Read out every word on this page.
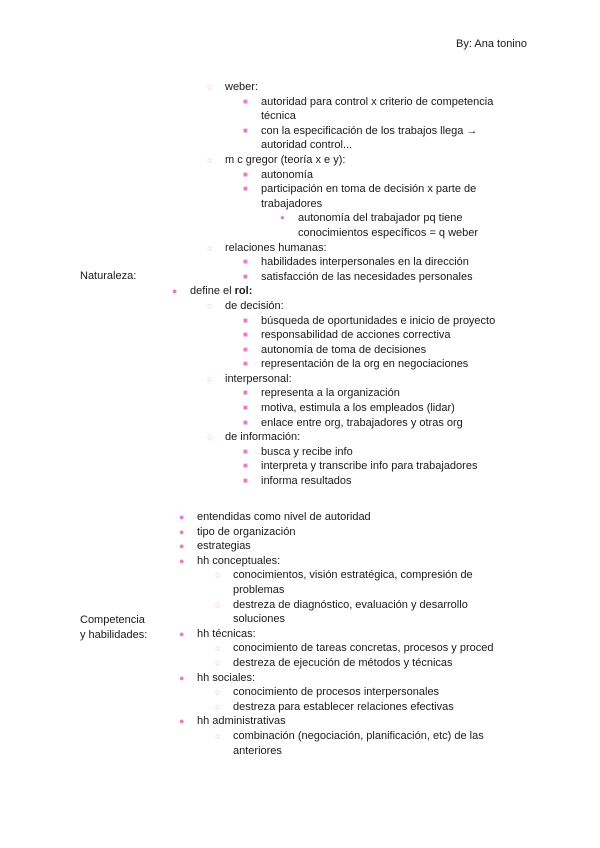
By: Ana tonino
Naturaleza:
Competencia
y habilidades:
○ weber:
■ autoridad para control x criterio de competencia
técnica
■ con la especificación de los trabajos llega →
autoridad control...
○ m c gregor (teoría x e y):
■ autonomía
■ participación en toma de decisión x parte de
trabajadores
● autonomía del trabajador pq tiene
conocimientos específicos = q weber
○ relaciones humanas:
■ habilidades interpersonales en la dirección
■ satisfacción de las necesidades personales
● define el rol:
○ de decisión:
■ búsqueda de oportunidades e inicio de proyecto
■ responsabilidad de acciones correctiva
■ autonomía de toma de decisiones
■ representación de la org en negociaciones
○ interpersonal:
■ representa a la organización
■ motiva, estimula a los empleados (lidar)
■ enlace entre org, trabajadores y otras org
○ de información:
■ busca y recibe info
■ interpreta y transcribe info para trabajadores
■ informa resultados
● entendidas como nivel de autoridad
● tipo de organización
● estrategias
● hh conceptuales:
○ conocimientos, visión estratégica, compresión de
problemas
○ destreza de diagnóstico, evaluación y desarrollo
soluciones
● hh técnicas:
○ conocimiento de tareas concretas, procesos y proced
○ destreza de ejecución de métodos y técnicas
● hh sociales:
○ conocimiento de procesos interpersonales
○ destreza para establecer relaciones efectivas
● hh administrativas
○ combinación (negociación, planificación, etc) de las
anteriores
